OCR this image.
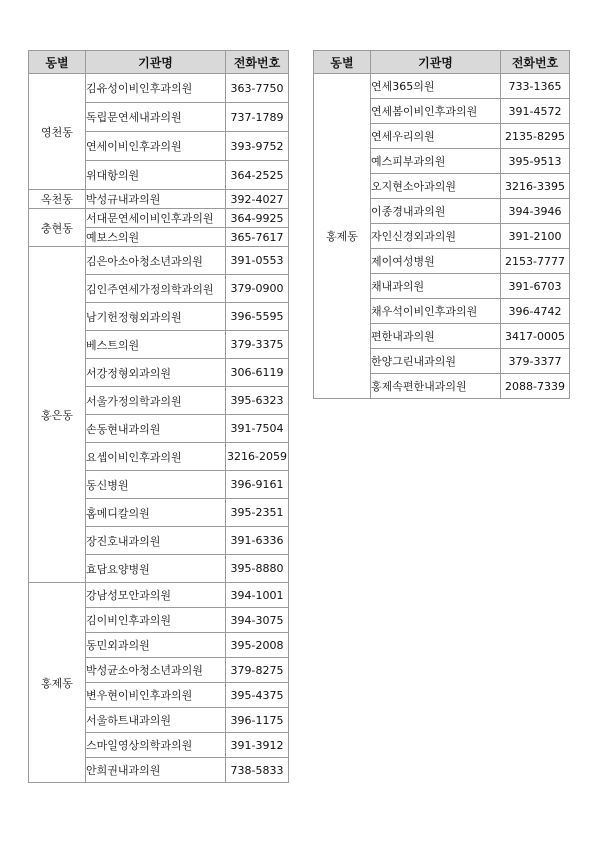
동별	기관명	전화번호
영천동	김유성이비인후과의원	363-7750
	독립문연세내과의원	737-1789
	연세이비인후과의원	393-9752
	위대항의원	364-2525
옥천동	박성규내과의원	392-4027
충현동	서대문연세이비인후과의원	364-9925
	예보스의원	365-7617
홍은동	김은아소아청소년과의원	391-0553
	김인주연세가정의학과의원	379-0900
	남기헌정형외과의원	396-5595
	베스트의원	379-3375
	서강정형외과의원	306-6119
	서울가정의학과의원	395-6323
	손동현내과의원	391-7504
	요셉이비인후과의원	3216-2059
	동신병원	396-9161
	홈메디칼의원	395-2351
	장진호내과의원	391-6336
	효담요양병원	395-8880
홍제동	강남성모안과의원	394-1001
	김이비인후과의원	394-3075
	동민외과의원	395-2008
	박성균소아청소년과의원	379-8275
	변우현이비인후과의원	395-4375
	서울하트내과의원	396-1175
	스마일영상의학과의원	391-3912
	안희권내과의원	738-5833
동별	기관명	전화번호
홍제동	연세365의원	733-1365
	연세봄이비인후과의원	391-4572
	연세우리의원	2135-8295
	예스피부과의원	395-9513
	오지현소아과의원	3216-3395
	이종경내과의원	394-3946
	자인신경외과의원	391-2100
	제이여성병원	2153-7777
	채내과의원	391-6703
	채우석이비인후과의원	396-4742
	편한내과의원	3417-0005
	한양그린내과의원	379-3377
	홍제속편한내과의원	2088-7339
